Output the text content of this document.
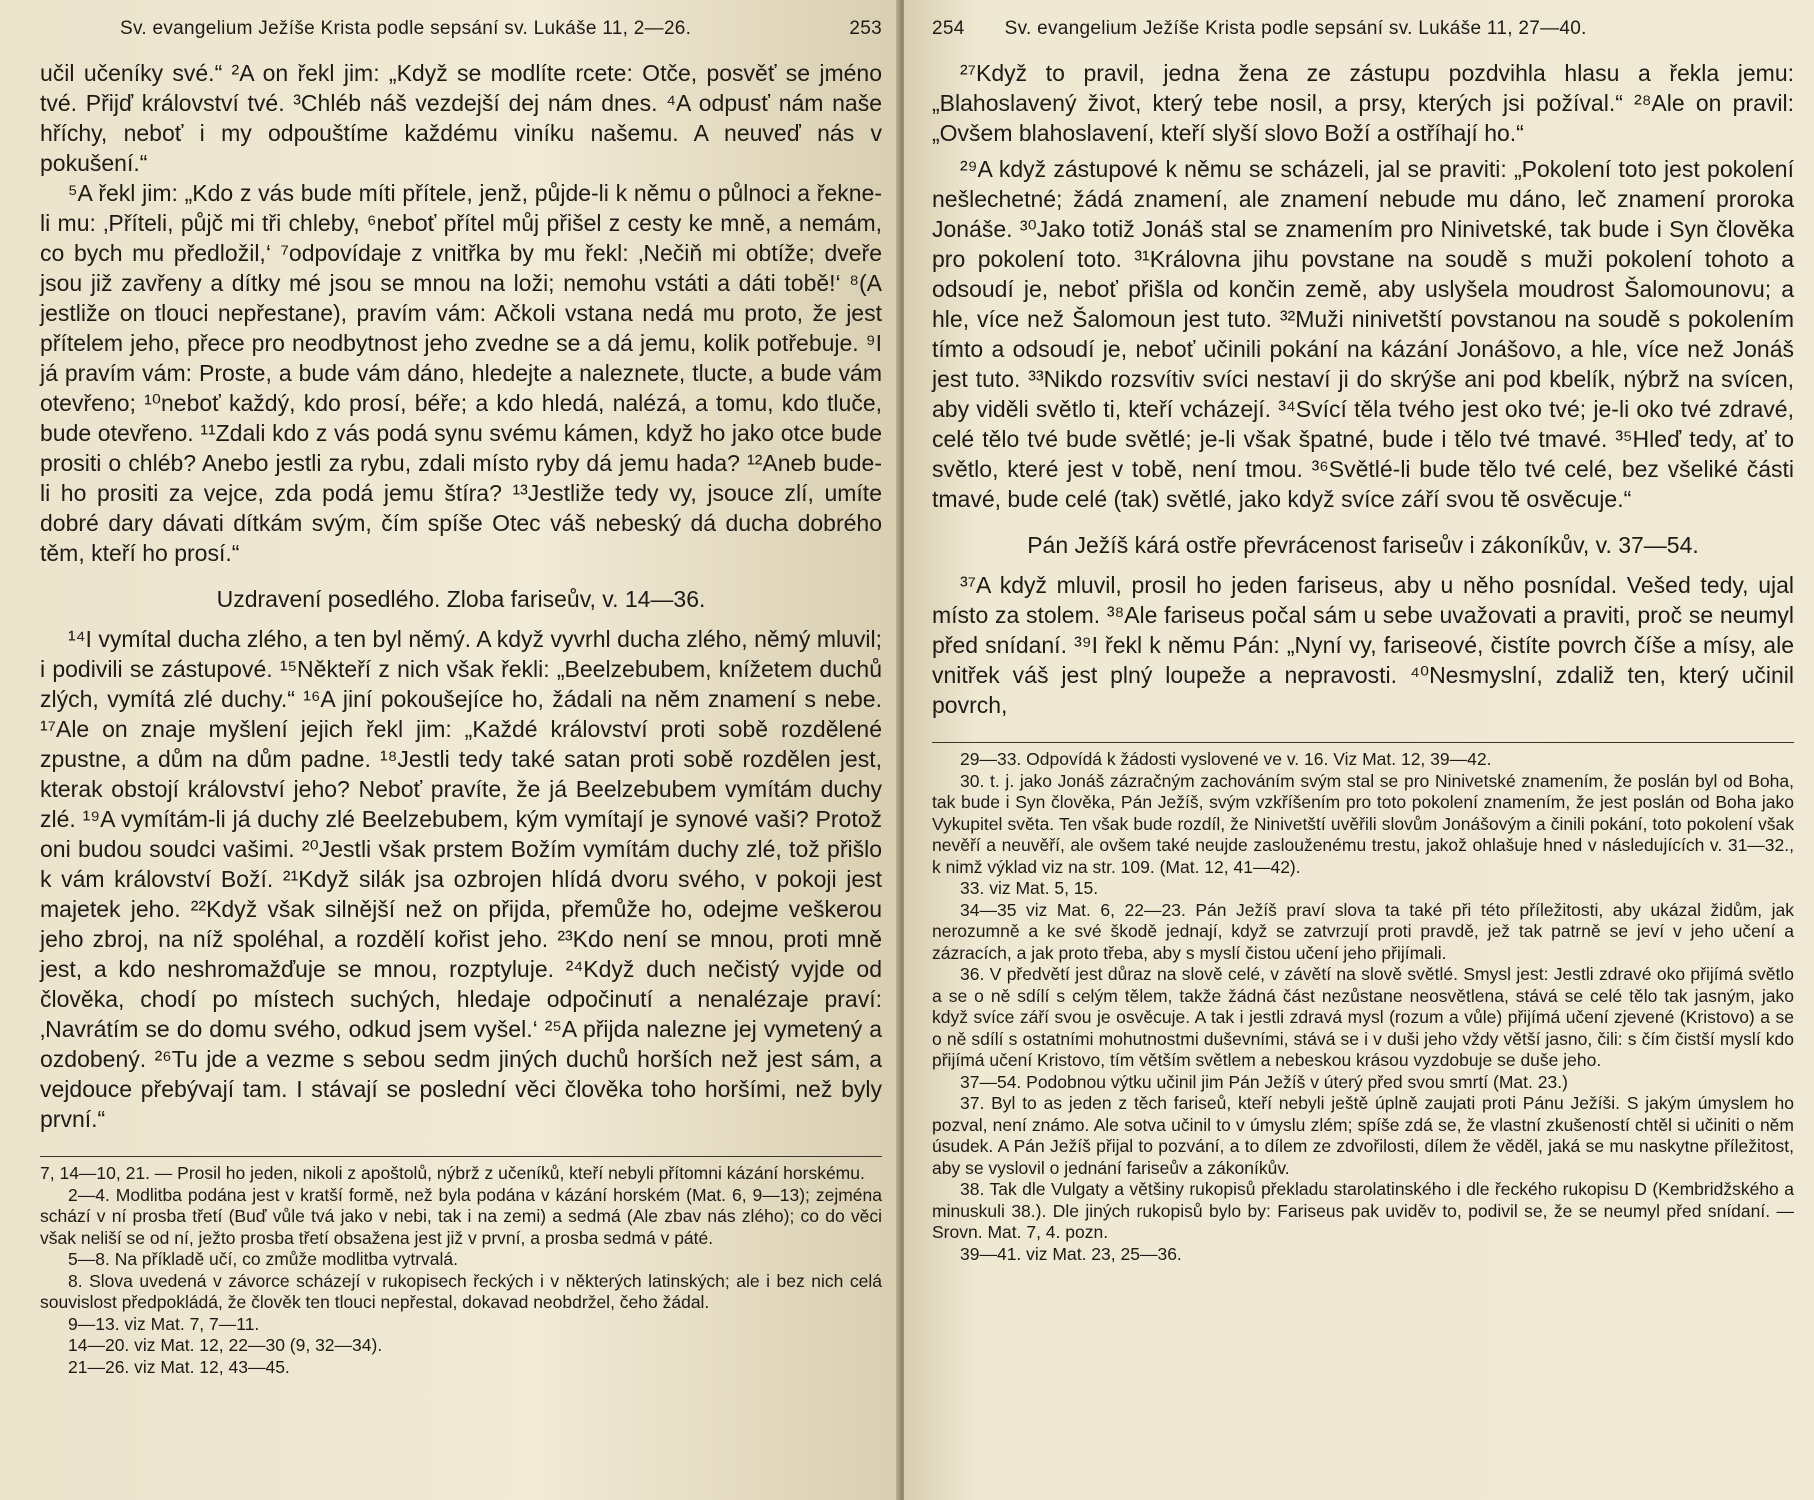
Sv. evangelium Ježíše Krista podle sepsání sv. Lukáše 11, 2—26.	253

učil učeníky své.“ ²A on řekl jim: „Když se modlíte rcete: Otče, posvěť se jméno tvé. Přijď království tvé. ³Chléb náš vezdejší dej nám dnes. ⁴A odpusť nám naše hříchy, neboť i my odpouštíme každému viníku našemu. A neuveď nás v pokušení.“

⁵A řekl jim: „Kdo z vás bude míti přítele, jenž, půjde-li k němu o půlnoci a řekne-li mu: ‚Příteli, půjč mi tři chleby, ⁶neboť přítel můj přišel z cesty ke mně, a nemám, co bych mu předložil,‘ ⁷odpovídaje z vnitřka by mu řekl: ‚Nečiň mi obtíže; dveře jsou již zavřeny a dítky mé jsou se mnou na loži; nemohu vstáti a dáti tobě!‘ ⁸(A jestliže on tlouci nepřestane), pravím vám: Ačkoli vstana nedá mu proto, že jest přítelem jeho, přece pro neodbytnost jeho zvedne se a dá jemu, kolik potřebuje. ⁹I já pravím vám: Proste, a bude vám dáno, hledejte a naleznete, tlucte, a bude vám otevřeno; ¹⁰neboť každý, kdo prosí, béře; a kdo hledá, nalézá, a tomu, kdo tluče, bude otevřeno. ¹¹Zdali kdo z vás podá synu svému kámen, když ho jako otce bude prositi o chléb? Anebo jestli za rybu, zdali místo ryby dá jemu hada? ¹²Aneb bude-li ho prositi za vejce, zda podá jemu štíra? ¹³Jestliže tedy vy, jsouce zlí, umíte dobré dary dávati dítkám svým, čím spíše Otec váš nebeský dá ducha dobrého těm, kteří ho prosí.“

Uzdravení posedlého. Zloba fariseův, v. 14—36.

¹⁴I vymítal ducha zlého, a ten byl němý. A když vyvrhl ducha zlého, němý mluvil; i podivili se zástupové. ¹⁵Někteří z nich však řekli: „Beelzebubem, knížetem duchů zlých, vymítá zlé duchy.“ ¹⁶A jiní pokoušejíce ho, žádali na něm znamení s nebe. ¹⁷Ale on znaje myšlení jejich řekl jim: „Každé království proti sobě rozdělené zpustne, a dům na dům padne. ¹⁸Jestli tedy také satan proti sobě rozdělen jest, kterak obstojí království jeho? Neboť pravíte, že já Beelzebubem vymítám duchy zlé. ¹⁹A vymítám-li já duchy zlé Beelzebubem, kým vymítají je synové vaši? Protož oni budou soudci vašimi. ²⁰Jestli však prstem Božím vymítám duchy zlé, tož přišlo k vám království Boží. ²¹Když silák jsa ozbrojen hlídá dvoru svého, v pokoji jest majetek jeho. ²²Když však silnější než on přijda, přemůže ho, odejme veškerou jeho zbroj, na níž spoléhal, a rozdělí kořist jeho. ²³Kdo není se mnou, proti mně jest, a kdo neshromažďuje se mnou, rozptyluje. ²⁴Když duch nečistý vyjde od člověka, chodí po místech suchých, hledaje odpočinutí a nenalézaje praví: ‚Navrátím se do domu svého, odkud jsem vyšel.‘ ²⁵A přijda nalezne jej vymetený a ozdobený. ²⁶Tu jde a vezme s sebou sedm jiných duchů horších než jest sám, a vejdouce přebývají tam. I stávají se poslední věci člověka toho horšími, než byly první.“

7, 14—10, 21. — Prosil ho jeden, nikoli z apoštolů, nýbrž z učeníků, kteří nebyli přítomni kázání horskému.

2—4. Modlitba podána jest v kratší formě, než byla podána v kázání horském (Mat. 6, 9—13); zejména schází v ní prosba třetí (Buď vůle tvá jako v nebi, tak i na zemi) a sedmá (Ale zbav nás zlého); co do věci však neliší se od ní, ježto prosba třetí obsažena jest již v první, a prosba sedmá v páté.

5—8. Na příkladě učí, co zmůže modlitba vytrvalá.

8. Slova uvedená v závorce scházejí v rukopisech řeckých i v některých latinských; ale i bez nich celá souvislost předpokládá, že člověk ten tlouci nepřestal, dokavad neobdržel, čeho žádal.

9—13. viz Mat. 7, 7—11.

14—20. viz Mat. 12, 22—30 (9, 32—34).

21—26. viz Mat. 12, 43—45.

254	Sv. evangelium Ježíše Krista podle sepsání sv. Lukáše 11, 27—40.

²⁷Když to pravil, jedna žena ze zástupu pozdvihla hlasu a řekla jemu: „Blahoslavený život, který tebe nosil, a prsy, kterých jsi požíval.“ ²⁸Ale on pravil: „Ovšem blahoslavení, kteří slyší slovo Boží a ostříhají ho.“

²⁹A když zástupové k němu se scházeli, jal se praviti: „Pokolení toto jest pokolení nešlechetné; žádá znamení, ale znamení nebude mu dáno, leč znamení proroka Jonáše. ³⁰Jako totiž Jonáš stal se znamením pro Ninivetské, tak bude i Syn člověka pro pokolení toto. ³¹Královna jihu povstane na soudě s muži pokolení tohoto a odsoudí je, neboť přišla od končin země, aby uslyšela moudrost Šalomounovu; a hle, více než Šalomoun jest tuto. ³²Muži ninivetští povstanou na soudě s pokolením tímto a odsoudí je, neboť učinili pokání na kázání Jonášovo, a hle, více než Jonáš jest tuto. ³³Nikdo rozsvítiv svíci nestaví ji do skrýše ani pod kbelík, nýbrž na svícen, aby viděli světlo ti, kteří vcházejí. ³⁴Svící těla tvého jest oko tvé; je-li oko tvé zdravé, celé tělo tvé bude světlé; je-li však špatné, bude i tělo tvé tmavé. ³⁵Hleď tedy, ať to světlo, které jest v tobě, není tmou. ³⁶Světlé-li bude tělo tvé celé, bez všeliké části tmavé, bude celé (tak) světlé, jako když svíce září svou tě osvěcuje.“

Pán Ježíš kárá ostře převrácenost fariseův i zákoníkův, v. 37—54.

³⁷A když mluvil, prosil ho jeden fariseus, aby u něho posnídal. Vešed tedy, ujal místo za stolem. ³⁸Ale fariseus počal sám u sebe uvažovati a praviti, proč se neumyl před snídaní. ³⁹I řekl k němu Pán: „Nyní vy, fariseové, čistíte povrch číše a mísy, ale vnitřek váš jest plný loupeže a nepravosti. ⁴⁰Nesmyslní, zdaliž ten, který učinil povrch,

29—33. Odpovídá k žádosti vyslovené ve v. 16. Viz Mat. 12, 39—42.

30. t. j. jako Jonáš zázračným zachováním svým stal se pro Ninivetské znamením, že poslán byl od Boha, tak bude i Syn člověka, Pán Ježíš, svým vzkříšením pro toto pokolení znamením, že jest poslán od Boha jako Vykupitel světa. Ten však bude rozdíl, že Ninivetští uvěřili slovům Jonášovým a činili pokání, toto pokolení však nevěří a neuvěří, ale ovšem také neujde zaslouženému trestu, jakož ohlašuje hned v následujících v. 31—32., k nimž výklad viz na str. 109. (Mat. 12, 41—42).

33. viz Mat. 5, 15.

34—35 viz Mat. 6, 22—23. Pán Ježíš praví slova ta také při této příležitosti, aby ukázal židům, jak nerozumně a ke své škodě jednají, když se zatvrzují proti pravdě, jež tak patrně se jeví v jeho učení a zázracích, a jak proto třeba, aby s myslí čistou učení jeho přijímali.

36. V předvětí jest důraz na slově celé, v závětí na slově světlé. Smysl jest: Jestli zdravé oko přijímá světlo a se o ně sdílí s celým tělem, takže žádná část nezůstane neosvětlena, stává se celé tělo tak jasným, jako když svíce září svou je osvěcuje. A tak i jestli zdravá mysl (rozum a vůle) přijímá učení zjevené (Kristovo) a se o ně sdílí s ostatními mohutnostmi duševními, stává se i v duši jeho vždy větší jasno, čili: s čím čistší myslí kdo přijímá učení Kristovo, tím větším světlem a nebeskou krásou vyzdobuje se duše jeho.

37—54. Podobnou výtku učinil jim Pán Ježíš v úterý před svou smrtí (Mat. 23.)

37. Byl to as jeden z těch fariseů, kteří nebyli ještě úplně zaujati proti Pánu Ježíši. S jakým úmyslem ho pozval, není známo. Ale sotva učinil to v úmyslu zlém; spíše zdá se, že vlastní zkušeností chtěl si učiniti o něm úsudek. A Pán Ježíš přijal to pozvání, a to dílem ze zdvořilosti, dílem že věděl, jaká se mu naskytne příležitost, aby se vyslovil o jednání fariseův a zákoníkův.

38. Tak dle Vulgaty a většiny rukopisů překladu starolatinského i dle řeckého rukopisu D (Kembridžského a minuskuli 38.). Dle jiných rukopisů bylo by: Fariseus pak uviděv to, podivil se, že se neumyl před snídaní. — Srovn. Mat. 7, 4. pozn.

39—41. viz Mat. 23, 25—36.
